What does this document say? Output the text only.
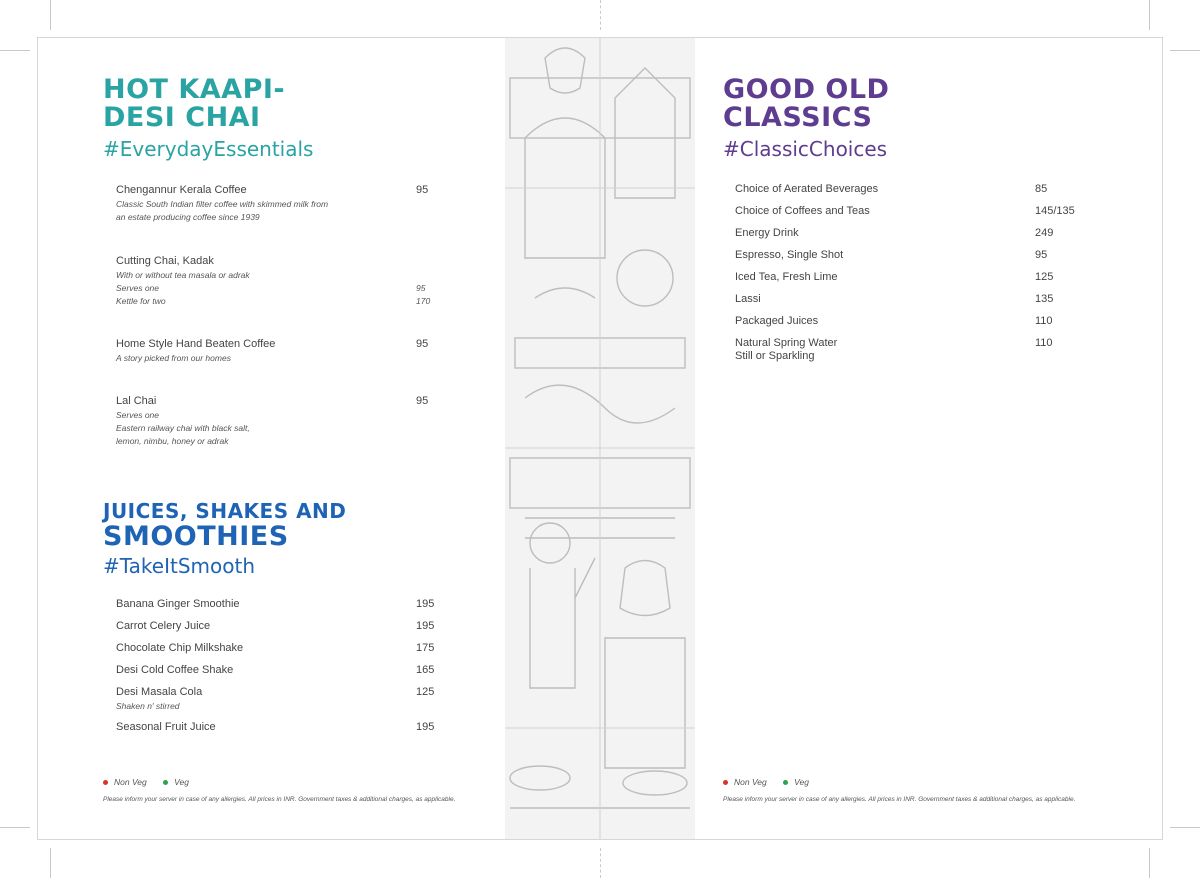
HOT KAAPI-
DESI CHAI

#EverydayEssentials

Chengannur Kerala Coffee	95
Classic South Indian filter coffee with skimmed milk from
an estate producing coffee since 1939
Cutting Chai, Kadak
With or without tea masala or adrak
Serves one	95
Kettle for two	170
Home Style Hand Beaten Coffee	95
A story picked from our homes
Lal Chai	95
Serves one
Eastern railway chai with black salt,
lemon, nimbu, honey or adrak
JUICES, SHAKES AND
SMOOTHIES

#TakeItSmooth

Banana Ginger Smoothie	195
Carrot Celery Juice	195
Chocolate Chip Milkshake	175
Desi Cold Coffee Shake	165
Desi Masala Cola	125
Shaken n' stirred
Seasonal Fruit Juice	195
Non Veg	Veg
Please inform your server in case of any allergies. All prices in INR. Government taxes & additional charges, as applicable.
GOOD OLD
CLASSICS

#ClassicChoices

Choice of Aerated Beverages	85
Choice of Coffees and Teas	145/135
Energy Drink	249
Espresso, Single Shot	95
Iced Tea, Fresh Lime	125
Lassi	135
Packaged Juices	110
Natural Spring Water	110
Still or Sparkling
Non Veg	Veg
Please inform your server in case of any allergies. All prices in INR. Government taxes & additional charges, as applicable.
